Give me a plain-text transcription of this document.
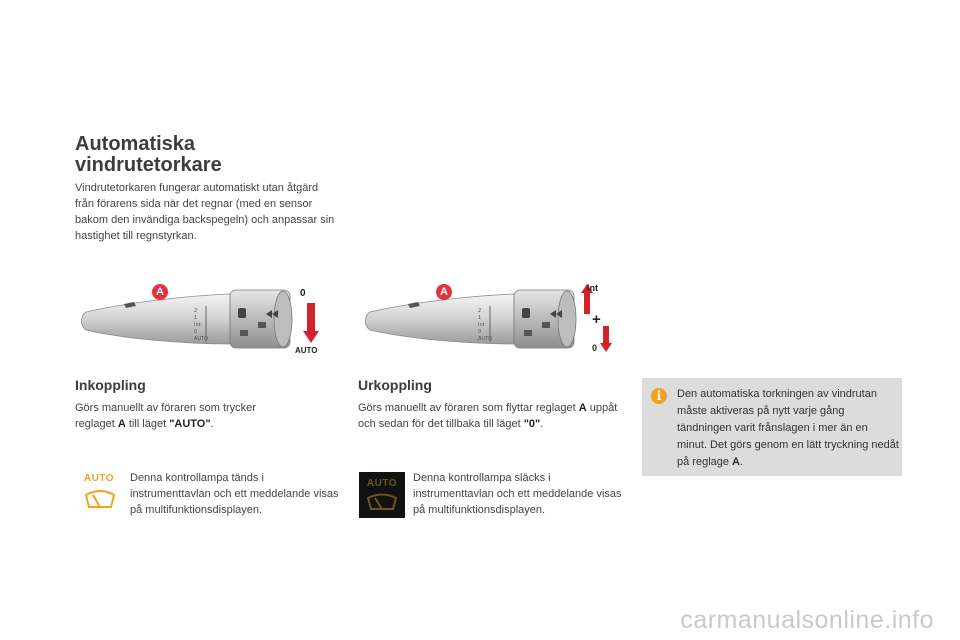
Automatiska
vindrutetorkare
Vindrutetorkaren fungerar automatiskt utan åtgärd från förarens sida när det regnar (med en sensor bakom den invändiga backspegeln) och anpassar sin hastighet till regnstyrkan.
2
1
Int
0
AUTO
A	0
AUTO
2
1
Int
0
AUTO
A	Int
+
0
Inkoppling
Görs manuellt av föraren som trycker reglaget A till läget "AUTO".
AUTO	Denna kontrollampa tänds i instrumenttavlan och ett meddelande visas på multifunktionsdisplayen.
Urkoppling
Görs manuellt av föraren som flyttar reglaget A uppåt och sedan för det tillbaka till läget "0".
AUTO	Denna kontrollampa släcks i instrumenttavlan och ett meddelande visas på multifunktionsdisplayen.
i	Den automatiska torkningen av vindrutan måste aktiveras på nytt varje gång tändningen varit frånslagen i mer än en minut. Det görs genom en lätt tryckning nedåt på reglage A.
carmanualsonline.info
